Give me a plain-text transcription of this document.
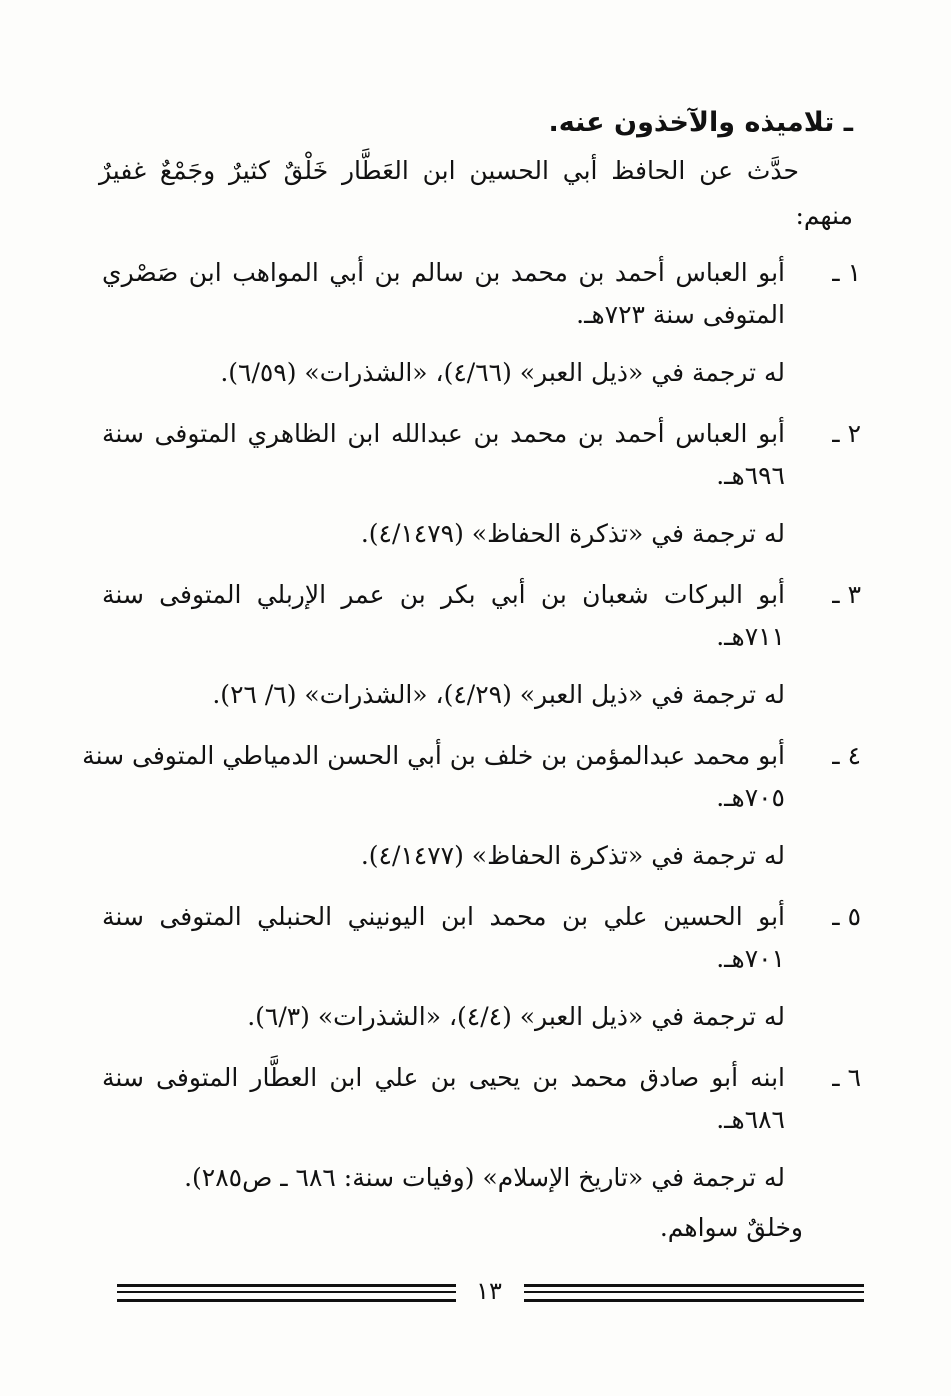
ـ تلاميذه والآخذون عنه.
حدَّث عن الحافظ أبي الحسين ابن العَطَّار خَلْقٌ كثيرٌ وجَمْعٌ غفيرٌ
منهم:
١ ـ
أبو العباس أحمد بن محمد بن سالم بن أبي المواهب ابن صَصْري
المتوفى سنة ٧٢٣هـ.
له ترجمة في «ذيل العبر» (٤/٦٦)، «الشذرات» (٦/٥٩).
٢ ـ
أبو العباس أحمد بن محمد بن عبدالله ابن الظاهري المتوفى سنة
٦٩٦هـ.
له ترجمة في «تذكرة الحفاظ» (٤/١٤٧٩).
٣ ـ
أبو البركات شعبان بن أبي بكر بن عمر الإربلي المتوفى سنة
٧١١هـ.
له ترجمة في «ذيل العبر» (٤/٢٩)، «الشذرات» (٦/ ٢٦).
٤ ـ
أبو محمد عبدالمؤمن بن خلف بن أبي الحسن الدمياطي المتوفى سنة
٧٠٥هـ.
له ترجمة في «تذكرة الحفاظ» (٤/١٤٧٧).
٥ ـ
أبو الحسين علي بن محمد ابن اليونيني الحنبلي المتوفى سنة
٧٠١هـ.
له ترجمة في «ذيل العبر» (٤/٤)، «الشذرات» (٦/٣).
٦ ـ
ابنه أبو صادق محمد بن يحيى بن علي ابن العطَّار المتوفى سنة
٦٨٦هـ.
له ترجمة في «تاريخ الإسلام» (وفيات سنة: ٦٨٦ ـ ص٢٨٥).
وخلقٌ سواهم.
١٣
